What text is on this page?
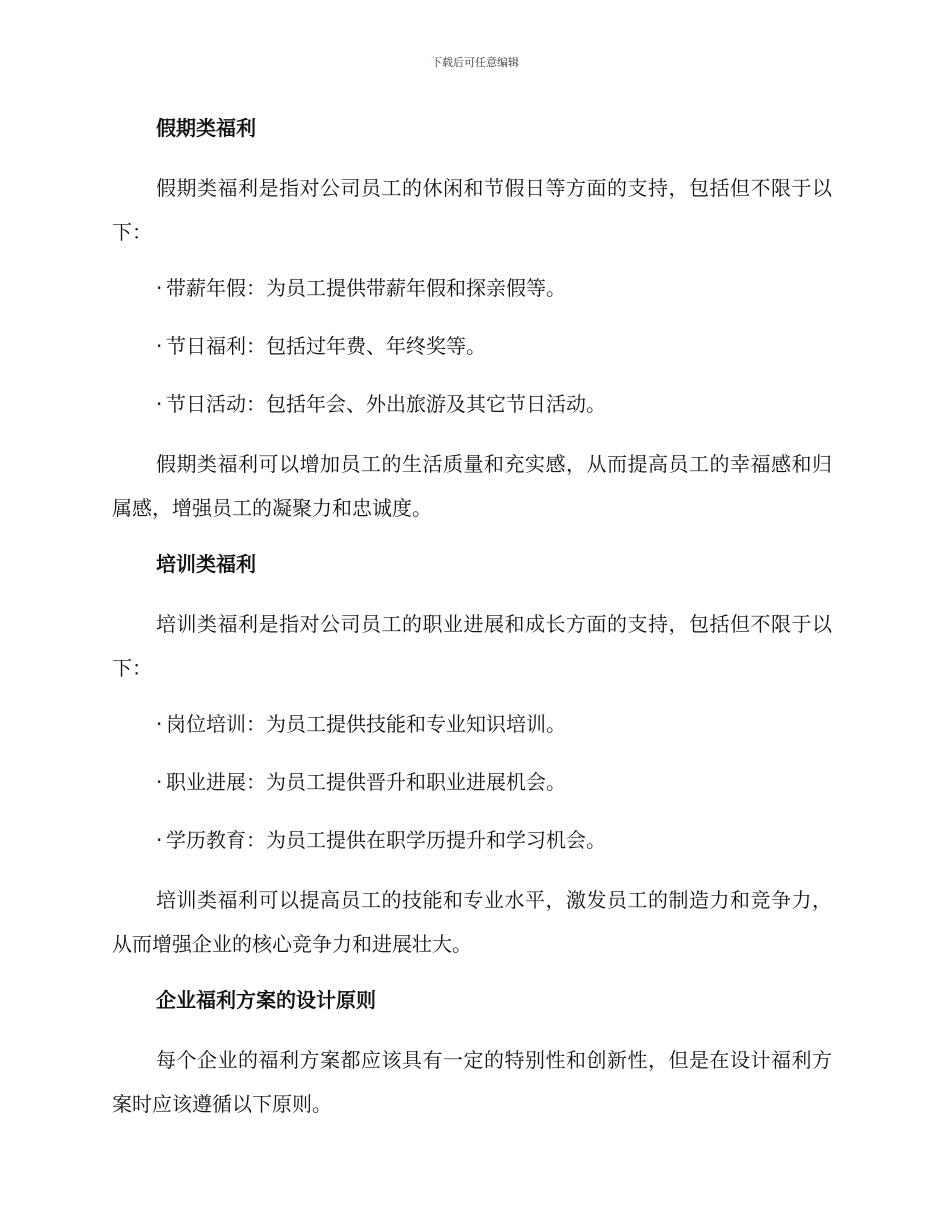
下载后可任意编辑
假期类福利

假期类福利是指对公司员工的休闲和节假日等方面的支持，包括但不限于以下：

· 带薪年假：为员工提供带薪年假和探亲假等。
· 节日福利：包括过年费、年终奖等。
· 节日活动：包括年会、外出旅游及其它节日活动。

假期类福利可以增加员工的生活质量和充实感，从而提高员工的幸福感和归属感，增强员工的凝聚力和忠诚度。

培训类福利

培训类福利是指对公司员工的职业进展和成长方面的支持，包括但不限于以下：

· 岗位培训：为员工提供技能和专业知识培训。
· 职业进展：为员工提供晋升和职业进展机会。
· 学历教育：为员工提供在职学历提升和学习机会。

培训类福利可以提高员工的技能和专业水平，激发员工的制造力和竞争力，从而增强企业的核心竞争力和进展壮大。

企业福利方案的设计原则

每个企业的福利方案都应该具有一定的特别性和创新性，但是在设计福利方案时应该遵循以下原则。
